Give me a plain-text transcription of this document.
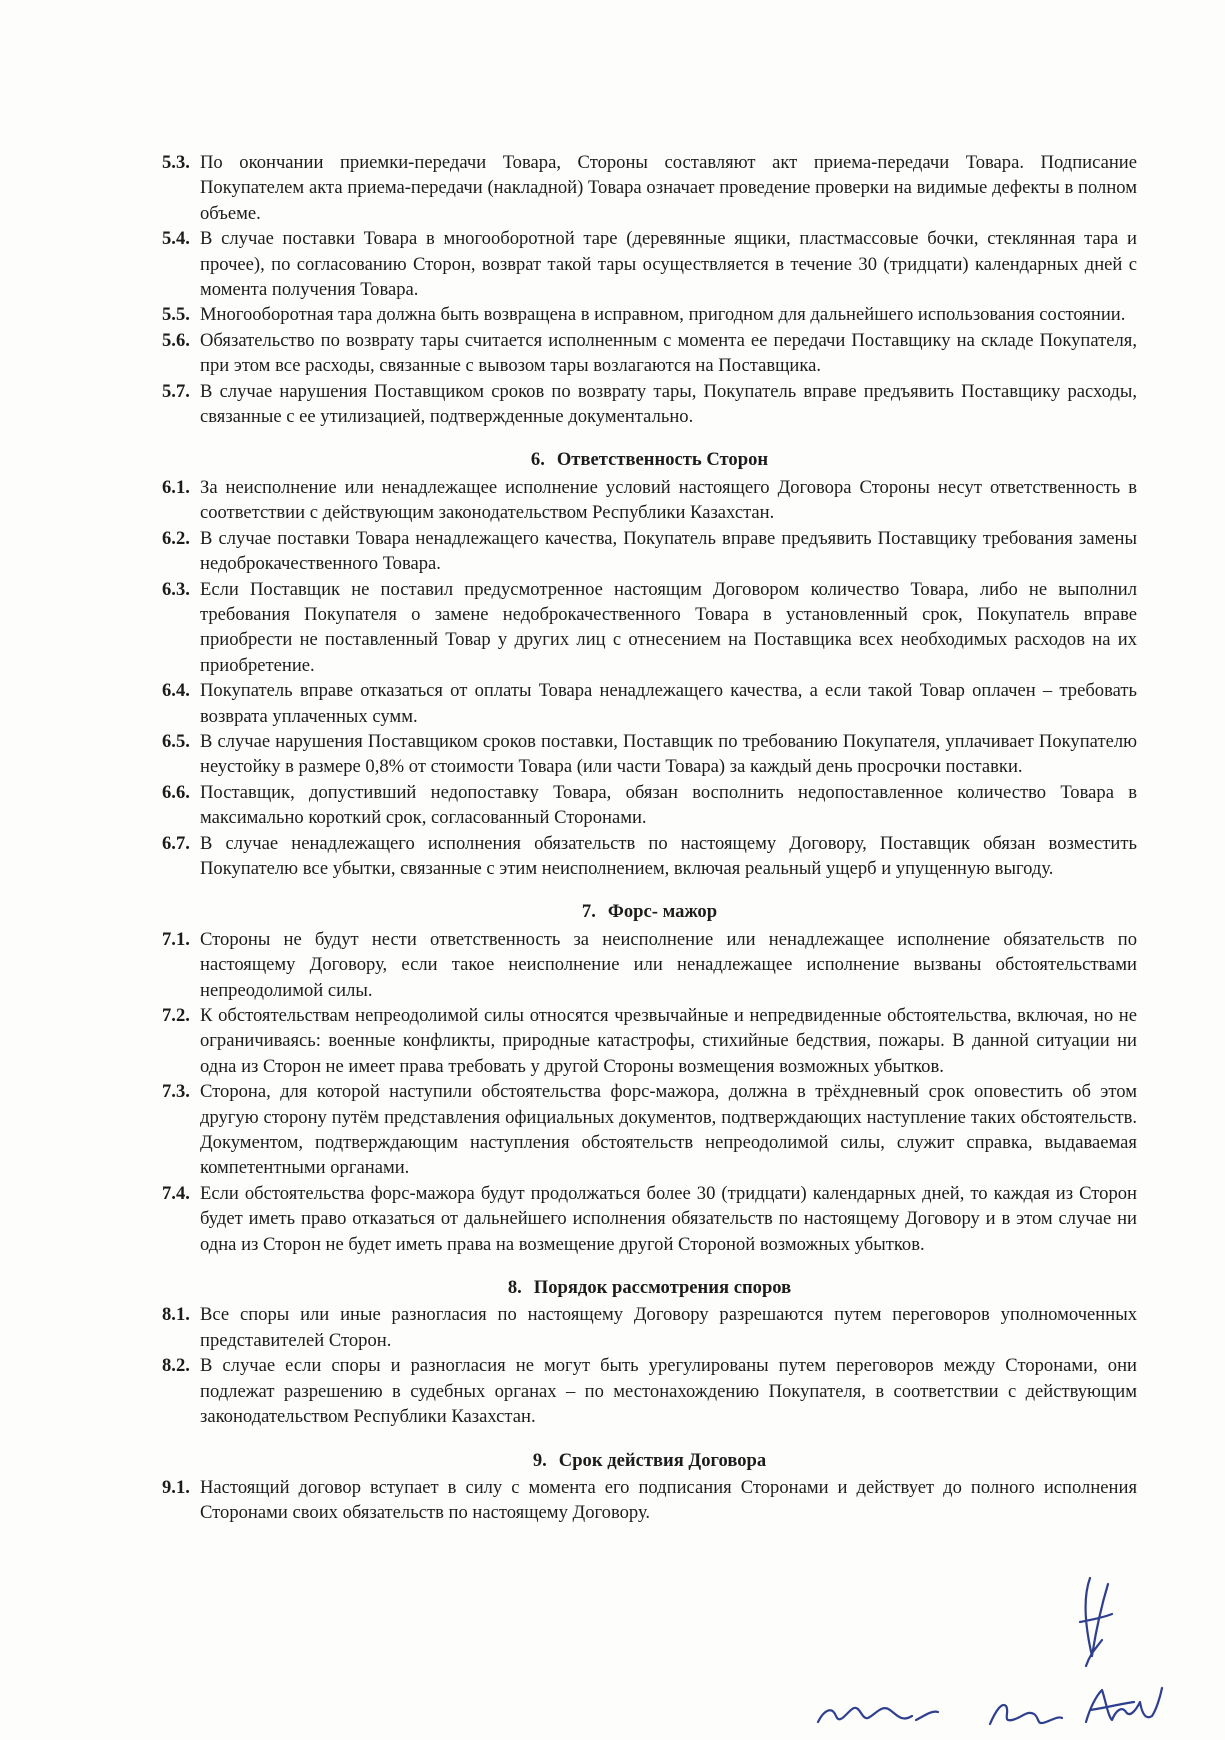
5.3. По окончании приемки-передачи Товара, Стороны составляют акт приема-передачи Товара. Подписание Покупателем акта приема-передачи (накладной) Товара означает проведение проверки на видимые дефекты в полном объеме.
5.4. В случае поставки Товара в многооборотной таре (деревянные ящики, пластмассовые бочки, стеклянная тара и прочее), по согласованию Сторон, возврат такой тары осуществляется в течение 30 (тридцати) календарных дней с момента получения Товара.
5.5. Многооборотная тара должна быть возвращена в исправном, пригодном для дальнейшего использования состоянии.
5.6. Обязательство по возврату тары считается исполненным с момента ее передачи Поставщику на складе Покупателя, при этом все расходы, связанные с вывозом тары возлагаются на Поставщика.
5.7. В случае нарушения Поставщиком сроков по возврату тары, Покупатель вправе предъявить Поставщику расходы, связанные с ее утилизацией, подтвержденные документально.
6. Ответственность Сторон
6.1. За неисполнение или ненадлежащее исполнение условий настоящего Договора Стороны несут ответственность в соответствии с действующим законодательством Республики Казахстан.
6.2. В случае поставки Товара ненадлежащего качества, Покупатель вправе предъявить Поставщику требования замены недоброкачественного Товара.
6.3. Если Поставщик не поставил предусмотренное настоящим Договором количество Товара, либо не выполнил требования Покупателя о замене недоброкачественного Товара в установленный срок, Покупатель вправе приобрести не поставленный Товар у других лиц с отнесением на Поставщика всех необходимых расходов на их приобретение.
6.4. Покупатель вправе отказаться от оплаты Товара ненадлежащего качества, а если такой Товар оплачен – требовать возврата уплаченных сумм.
6.5. В случае нарушения Поставщиком сроков поставки, Поставщик по требованию Покупателя, уплачивает Покупателю неустойку в размере 0,8% от стоимости Товара (или части Товара) за каждый день просрочки поставки.
6.6. Поставщик, допустивший недопоставку Товара, обязан восполнить недопоставленное количество Товара в максимально короткий срок, согласованный Сторонами.
6.7. В случае ненадлежащего исполнения обязательств по настоящему Договору, Поставщик обязан возместить Покупателю все убытки, связанные с этим неисполнением, включая реальный ущерб и упущенную выгоду.
7. Форс- мажор
7.1. Стороны не будут нести ответственность за неисполнение или ненадлежащее исполнение обязательств по настоящему Договору, если такое неисполнение или ненадлежащее исполнение вызваны обстоятельствами непреодолимой силы.
7.2. К обстоятельствам непреодолимой силы относятся чрезвычайные и непредвиденные обстоятельства, включая, но не ограничиваясь: военные конфликты, природные катастрофы, стихийные бедствия, пожары. В данной ситуации ни одна из Сторон не имеет права требовать у другой Стороны возмещения возможных убытков.
7.3. Сторона, для которой наступили обстоятельства форс-мажора, должна в трёхдневный срок оповестить об этом другую сторону путём представления официальных документов, подтверждающих наступление таких обстоятельств. Документом, подтверждающим наступления обстоятельств непреодолимой силы, служит справка, выдаваемая компетентными органами.
7.4. Если обстоятельства форс-мажора будут продолжаться более 30 (тридцати) календарных дней, то каждая из Сторон будет иметь право отказаться от дальнейшего исполнения обязательств по настоящему Договору и в этом случае ни одна из Сторон не будет иметь права на возмещение другой Стороной возможных убытков.
8. Порядок рассмотрения споров
8.1. Все споры или иные разногласия по настоящему Договору разрешаются путем переговоров уполномоченных представителей Сторон.
8.2. В случае если споры и разногласия не могут быть урегулированы путем переговоров между Сторонами, они подлежат разрешению в судебных органах – по местонахождению Покупателя, в соответствии с действующим законодательством Республики Казахстан.
9. Срок действия Договора
9.1. Настоящий договор вступает в силу с момента его подписания Сторонами и действует до полного исполнения Сторонами своих обязательств по настоящему Договору.
